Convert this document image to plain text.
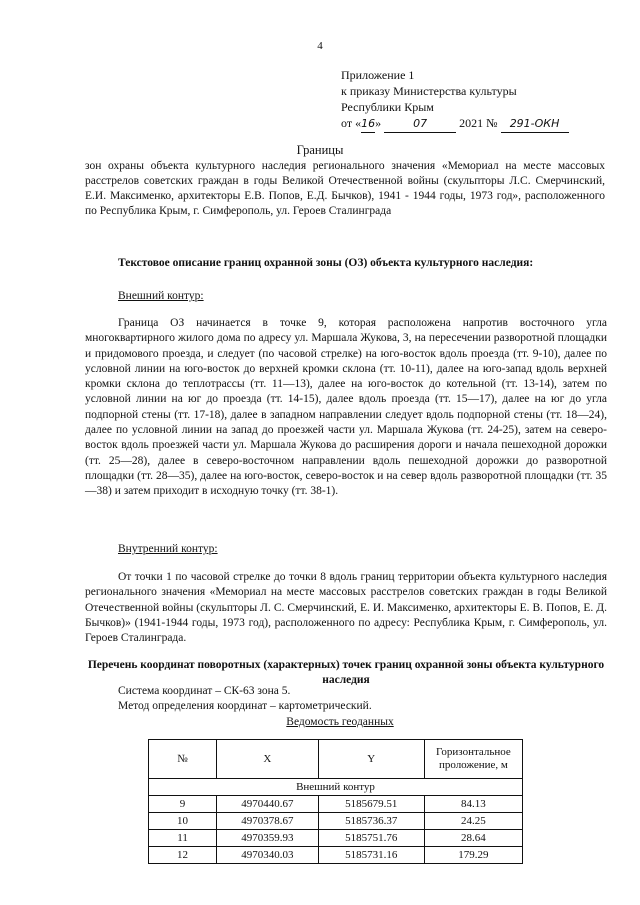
4
Приложение 1
к приказу Министерства культуры
Республики Крым
от «16»	07	2021 № 291-ОКН
Границы
зон охраны объекта культурного наследия регионального значения «Мемориал на месте массовых расстрелов советских граждан в годы Великой Отечественной войны (скульпторы Л.С. Смерчинский, Е.И. Максименко, архитекторы Е.В. Попов, Е.Д. Бычков), 1941 - 1944 годы, 1973 год», расположенного по Республика Крым, г. Симферополь, ул. Героев Сталинграда
Текстовое описание границ охранной зоны (ОЗ) объекта культурного наследия:
Внешний контур:
Граница ОЗ начинается в точке 9, которая расположена напротив восточного угла многоквартирного жилого дома по адресу ул. Маршала Жукова, 3, на пересечении разворотной площадки и придомового проезда, и следует (по часовой стрелке) на юго-восток вдоль проезда (тт. 9-10), далее по условной линии на юго-восток до верхней кромки склона (тт. 10-11), далее на юго-запад вдоль верхней кромки склона до теплотрассы (тт. 11—13), далее на юго-восток до котельной (тт. 13-14), затем по условной линии на юг до проезда (тт. 14-15), далее вдоль проезда (тт. 15—17), далее на юг до угла подпорной стены (тт. 17-18), далее в западном направлении следует вдоль подпорной стены (тт. 18—24), далее по условной линии на запад до проезжей части ул. Маршала Жукова (тт. 24-25), затем на северо-восток вдоль проезжей части ул. Маршала Жукова до расширения дороги и начала пешеходной дорожки (тт. 25—28), далее в северо-восточном направлении вдоль пешеходной дорожки до разворотной площадки (тт. 28—35), далее на юго-восток, северо-восток и на север вдоль разворотной площадки (тт. 35—38) и затем приходит в исходную точку (тт. 38-1).
Внутренний контур:
От точки 1 по часовой стрелке до точки 8 вдоль границ территории объекта культурного наследия регионального значения «Мемориал на месте массовых расстрелов советских граждан в годы Великой Отечественной войны (скульпторы Л. С. Смерчинский, Е. И. Максименко, архитекторы Е. В. Попов, Е. Д. Бычков)» (1941-1944 годы, 1973 год), расположенного по адресу: Республика Крым, г. Симферополь, ул. Героев Сталинграда.
Перечень координат поворотных (характерных) точек границ охранной зоны объекта культурного наследия
Система координат – СК-63 зона 5.
Метод определения координат – картометрический.
Ведомость геоданных
№	X	Y	Горизонтальное проложение, м
Внешний контур			
9	4970440.67	5185679.51	84.13
10	4970378.67	5185736.37	24.25
11	4970359.93	5185751.76	28.64
12	4970340.03	5185731.16	179.29
